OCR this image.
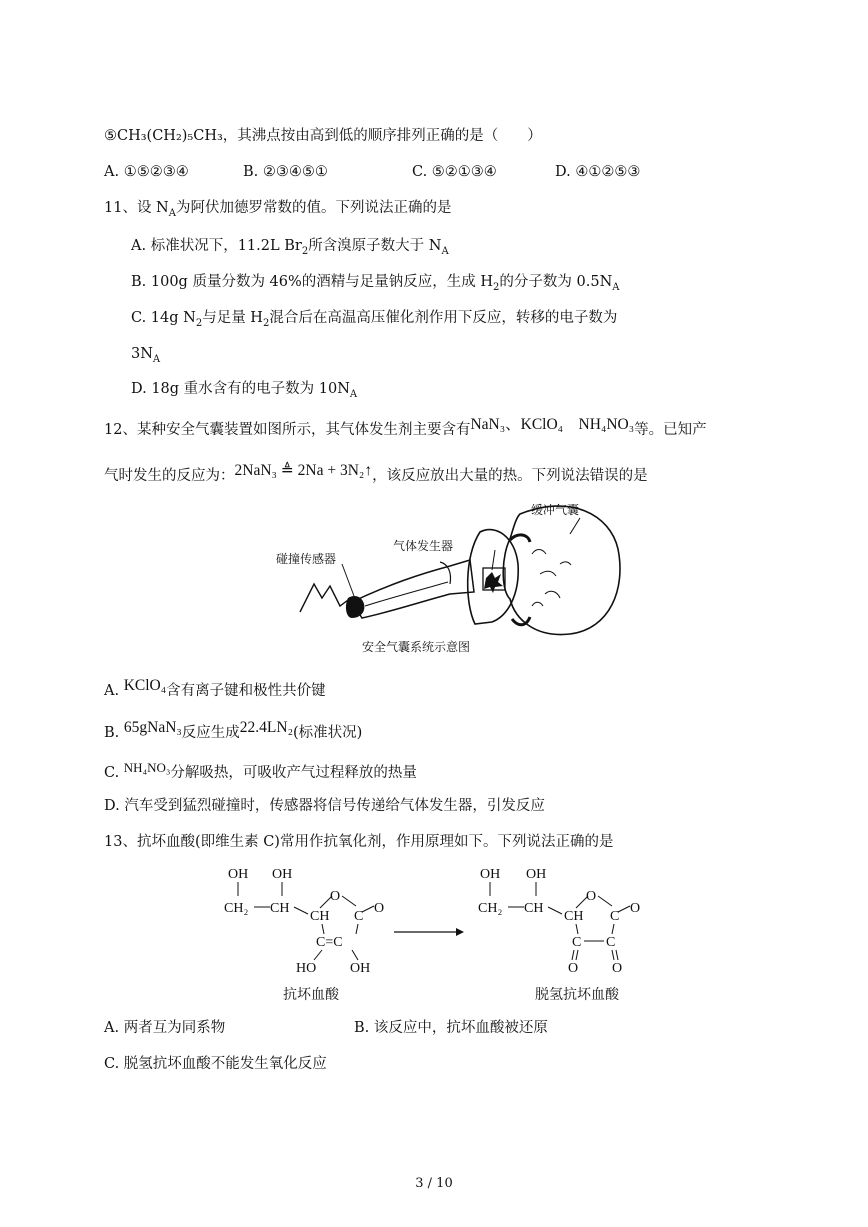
⑤CH₃(CH₂)₅CH₃，其沸点按由高到低的顺序排列正确的是（　　）
A. ①⑤②③④	B. ②③④⑤①	C. ⑤②①③④	D. ④①②⑤③
11、设 $N_A$为阿伏加德罗常数的值。下列说法正确的是
A. 标准状况下，11.2L $Br_2$所含溴原子数大于 $N_A$
B. 100g 质量分数为 46%的酒精与足量钠反应，生成 $H_2$的分子数为 $0.5N_A$
C. 14g $N_2$与足量 $H_2$混合后在高温高压催化剂作用下反应，转移的电子数为
$3N_A$
D. 18g 重水含有的电子数为 $10N_A$
12、某种安全气囊装置如图所示，其气体发生剂主要含有NaN₃、KClO₄　NH₄NO₃等。已知产
气时发生的反应为：2NaN₃ ≜ 2Na + 3N₂↑，该反应放出大量的热。下列说法错误的是
缓冲气囊
气体发生器
碰撞传感器
安全气囊系统示意图
A. KClO₄含有离子键和极性共价键
B. 65gNaN₃反应生成22.4LN₂(标准状况)
C. NH₄NO₃分解吸热，可吸收产气过程释放的热量
D. 汽车受到猛烈碰撞时，传感器将信号传递给气体发生器，引发反应
13、抗坏血酸(即维生素 C)常用作抗氧化剂，作用原理如下。下列说法正确的是
OH OH
CH₂ CH
CH
O
C
O
C=C
HO OH
OH OH
CH₂ CH
CH
O
C
O
C C
O O
抗坏血酸	脱氢抗坏血酸
A. 两者互为同系物	B. 该反应中，抗坏血酸被还原
C. 脱氢抗坏血酸不能发生氧化反应
3 / 10
